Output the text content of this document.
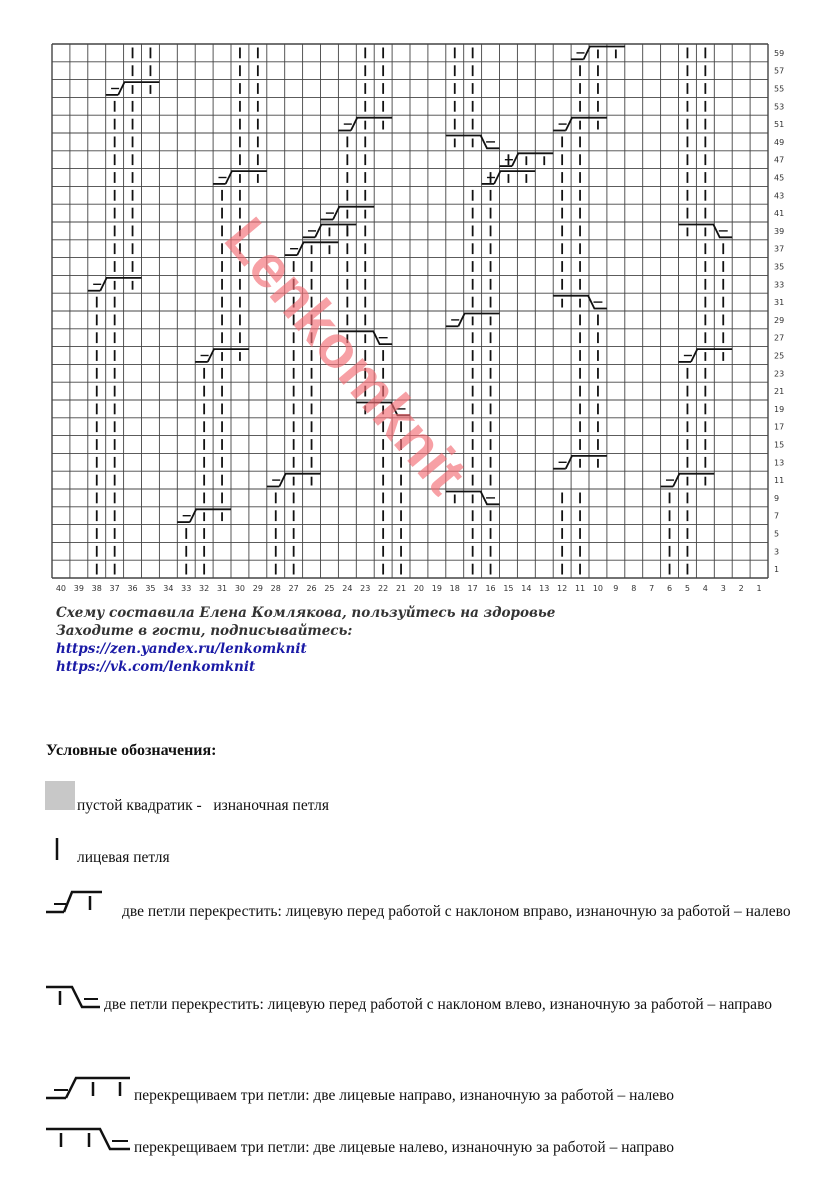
40 39 38 37 36 35 34 33 32 31 30 29 28 27 26 25 24 23 22 21 20 19 18 17 16 15 14 13 12 11 10 9 8 7 6 5 4 3 2 1
1
3
5
7
9
11
13
15
17
19
21
23
25
27
29
31
33
35
37
39
41
43
45
47
49
51
53
55
57
59
Lenkomknit
Схему составила Елена Комлякова, пользуйтесь на здоровье
Заходите в гости, подписывайтесь:
https://zen.yandex.ru/lenkomknit
https://vk.com/lenkomknit
Условные обозначения:
пустой квадратик -   изнаночная петля
лицевая петля
две петли перекрестить: лицевую перед работой с наклоном вправо, изнаночную за работой – налево
две петли перекрестить: лицевую перед работой с наклоном влево, изнаночную за работой – направо
перекрещиваем три петли: две лицевые направо, изнаночную за работой – налево
перекрещиваем три петли: две лицевые налево, изнаночную за работой – направо
